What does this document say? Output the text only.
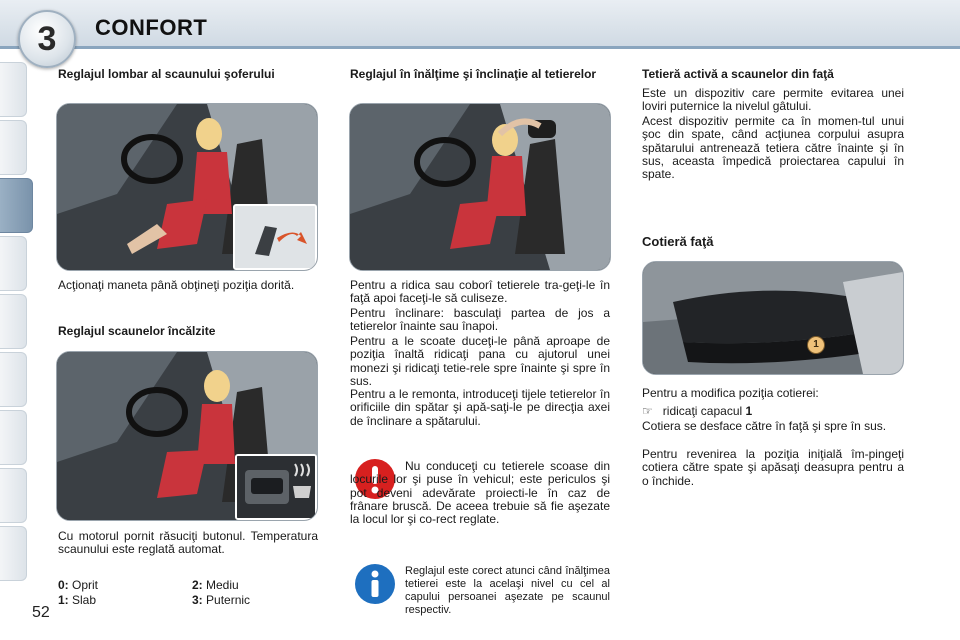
3	CONFORT
Reglajul lombar al scaunului şoferului
Acţionaţi maneta până obţineţi poziţia dorită.
Reglajul scaunelor încălzite
Cu motorul pornit răsuciţi butonul. Temperatura scaunului este reglată automat.
0: Oprit
1: Slab
2: Mediu
3: Puternic
Reglajul în înălţime şi înclinaţie al tetierelor
Pentru a ridica sau coborî tetierele tra-geţi-le în faţă apoi faceţi-le să culiseze.
Pentru înclinare: basculaţi partea de jos a tetierelor înainte sau înapoi.
Pentru a le scoate duceţi-le până aproape de poziţia înaltă ridicaţi pana cu ajutorul unei monezi şi ridicaţi tetie-rele spre înainte şi spre în sus.
Pentru a le remonta, introduceţi tijele tetierelor în orificiile din spătar şi apă-saţi-le pe direcţia axei de înclinare a spătarului.
Nu conduceţi cu tetierele scoase din locurile lor şi puse în vehicul; este periculos şi pot deveni adevărate proiecti-le în caz de frânare bruscă. De aceea trebuie să fie aşezate la locul lor şi co-rect reglate.
Reglajul este corect atunci când înălţimea tetierei este la acelaşi nivel cu cel al capului persoanei aşezate pe scaunul respectiv.
Tetieră activă a scaunelor din faţă
Este un dispozitiv care permite evitarea unei loviri puternice la nivelul gâtului.
Acest dispozitiv permite ca în momen-tul unui şoc din spate, când acţiunea corpului asupra spătarului antrenează tetiera către înainte şi în sus, aceasta împedică proiectarea capului în spate.
Cotieră faţă
1
Pentru a modifica poziţia cotierei:
☞ ridicaţi capacul 1
Cotiera se desface către în faţă şi spre în sus.
Pentru revenirea la poziţia iniţială îm-pingeţi cotiera către spate şi apăsaţi deasupra pentru a o închide.
52
